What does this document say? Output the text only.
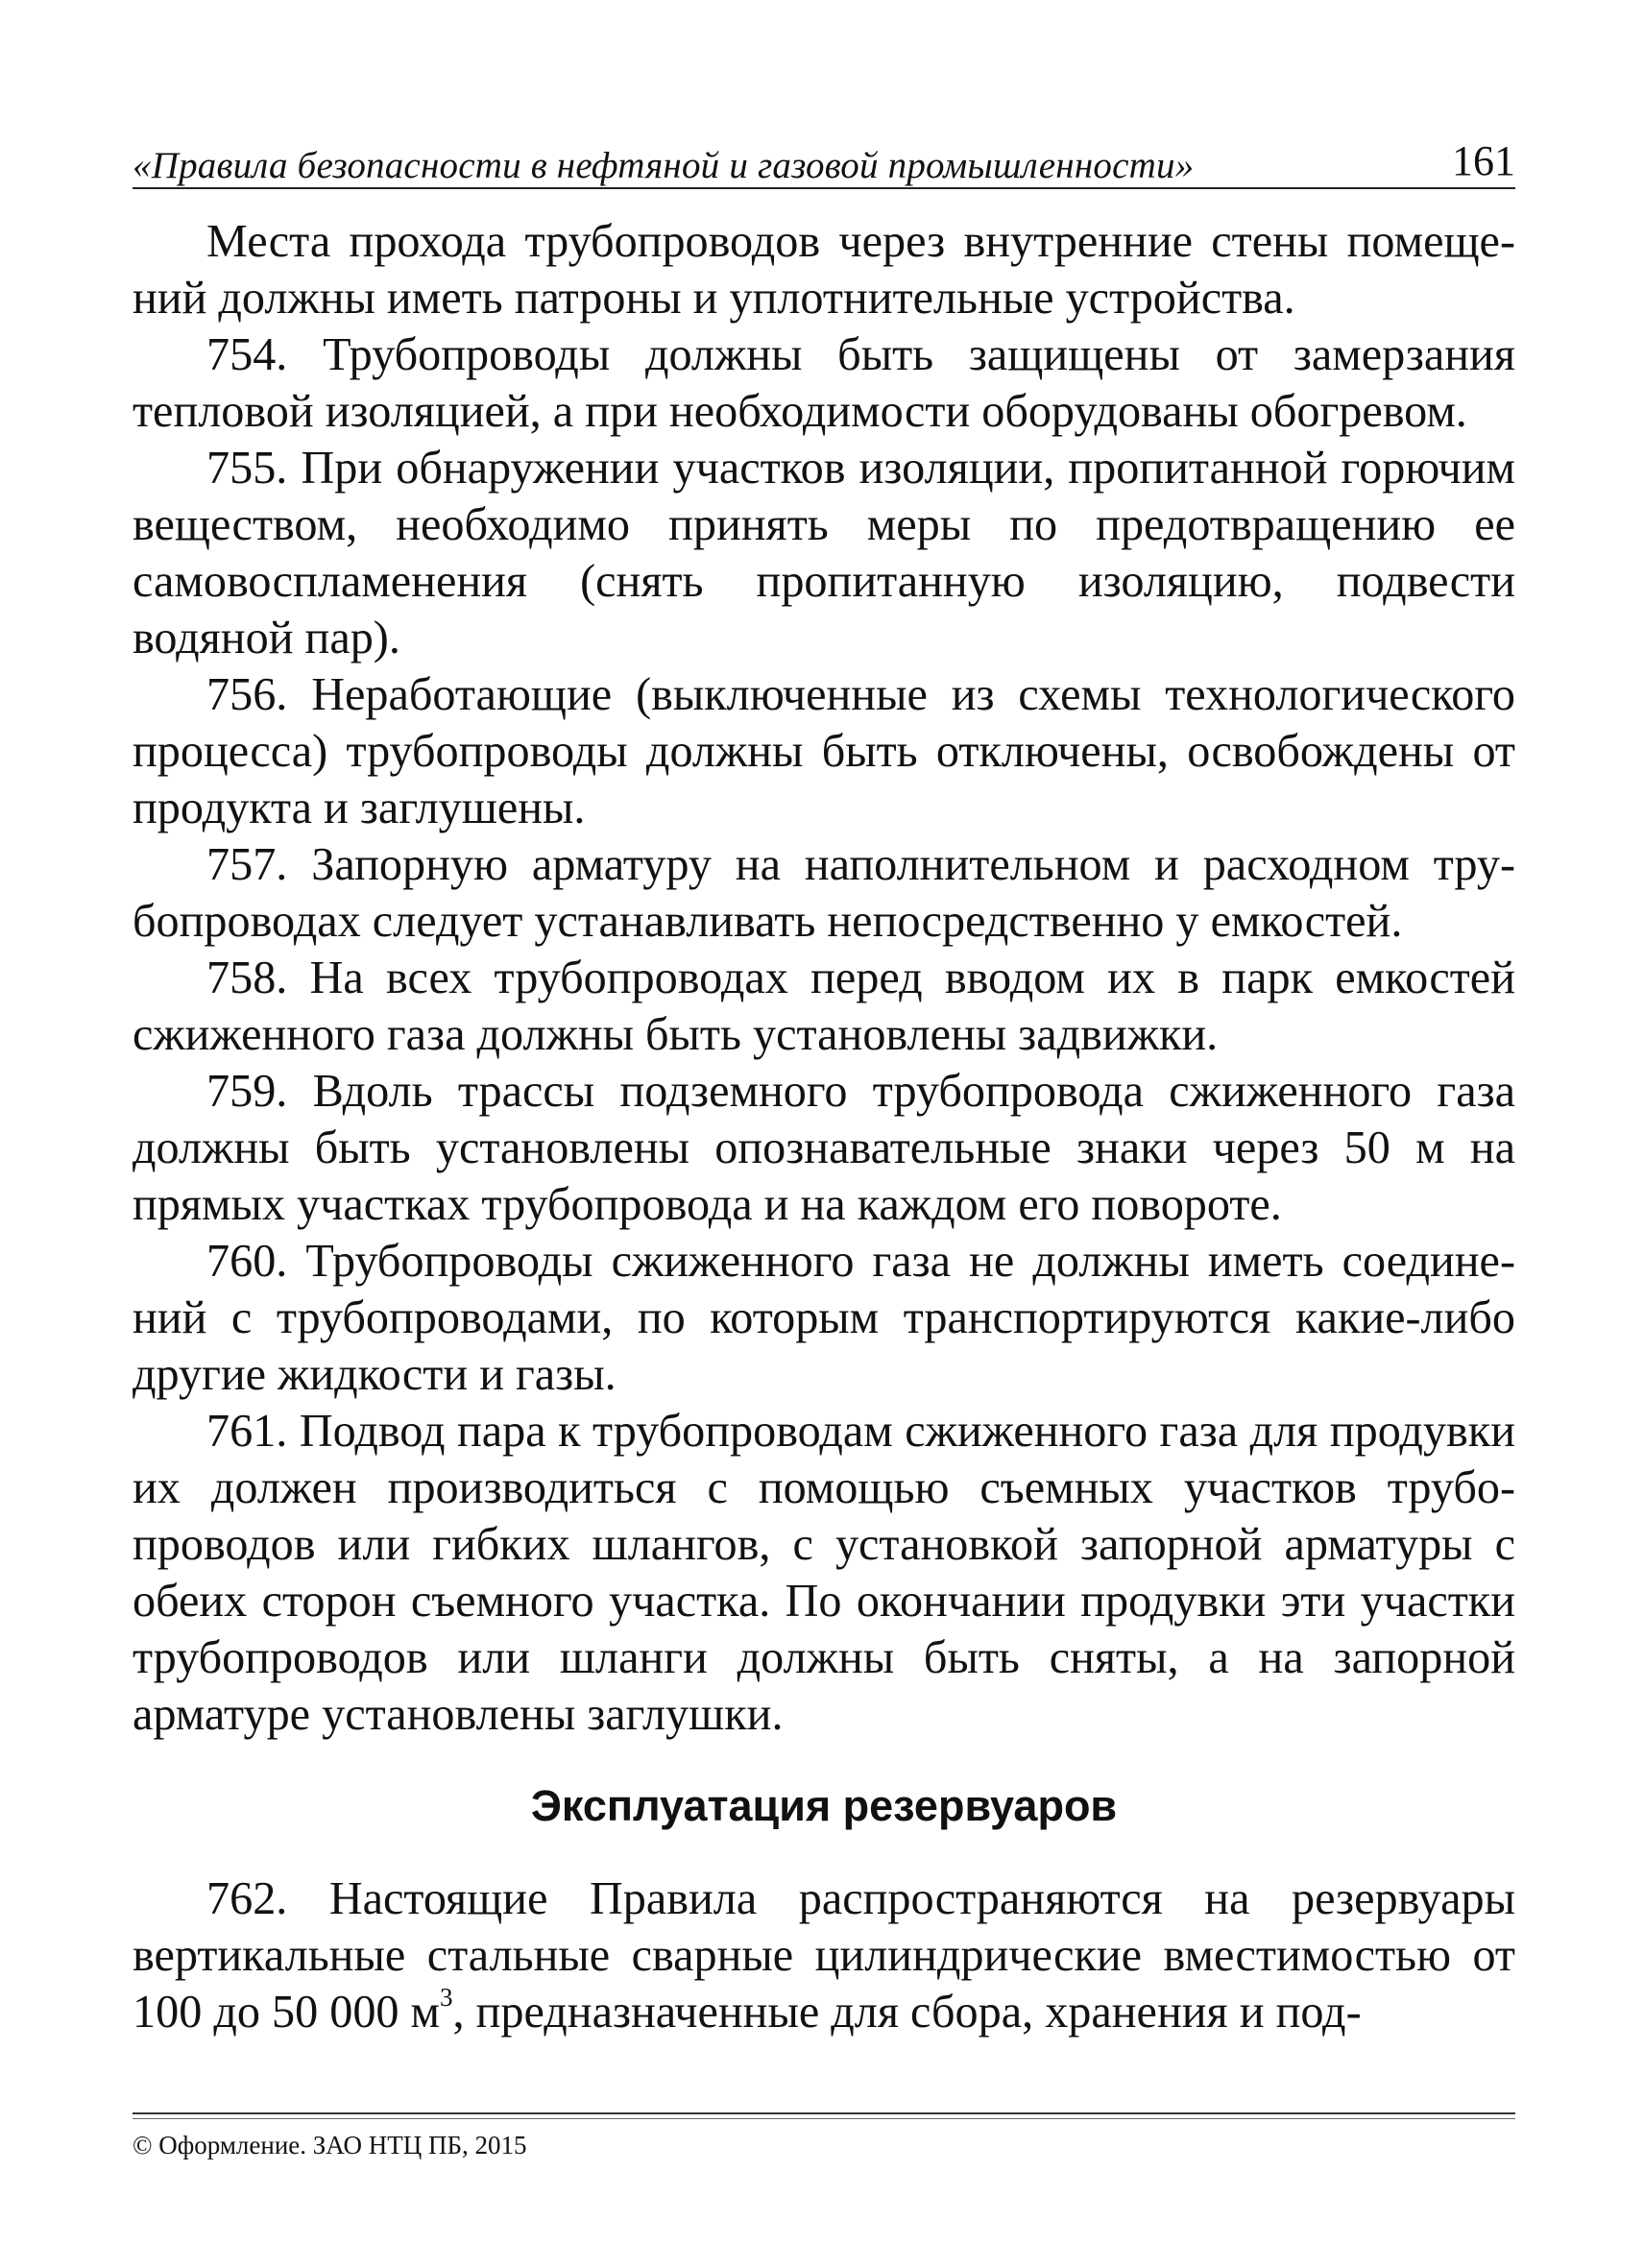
«Правила безопасности в нефтяной и газовой промышленности»	161

Места прохода трубопроводов через внутренние стены помещений должны иметь патроны и уплотнительные устройства.

754. Трубопроводы должны быть защищены от замерзания тепловой изоляцией, а при необходимости оборудованы обогревом.

755. При обнаружении участков изоляции, пропитанной горючим веществом, необходимо принять меры по предотвращению ее самовоспламенения (снять пропитанную изоляцию, подвести водяной пар).

756. Неработающие (выключенные из схемы технологического процесса) трубопроводы должны быть отключены, освобождены от продукта и заглушены.

757. Запорную арматуру на наполнительном и расходном трубопроводах следует устанавливать непосредственно у емкостей.

758. На всех трубопроводах перед вводом их в парк емкостей сжиженного газа должны быть установлены задвижки.

759. Вдоль трассы подземного трубопровода сжиженного газа должны быть установлены опознавательные знаки через 50 м на прямых участках трубопровода и на каждом его повороте.

760. Трубопроводы сжиженного газа не должны иметь соединений с трубопроводами, по которым транспортируются какие-либо другие жидкости и газы.

761. Подвод пара к трубопроводам сжиженного газа для продувки их должен производиться с помощью съемных участков трубопроводов или гибких шлангов, с установкой запорной арматуры с обеих сторон съемного участка. По окончании продувки эти участки трубопроводов или шланги должны быть сняты, а на запорной арматуре установлены заглушки.

Эксплуатация резервуаров

762. Настоящие Правила распространяются на резервуары вертикальные стальные сварные цилиндрические вместимостью от 100 до 50 000 $м^3$, предназначенные для сбора, хранения и под-

© Оформление. ЗАО НТЦ ПБ, 2015
